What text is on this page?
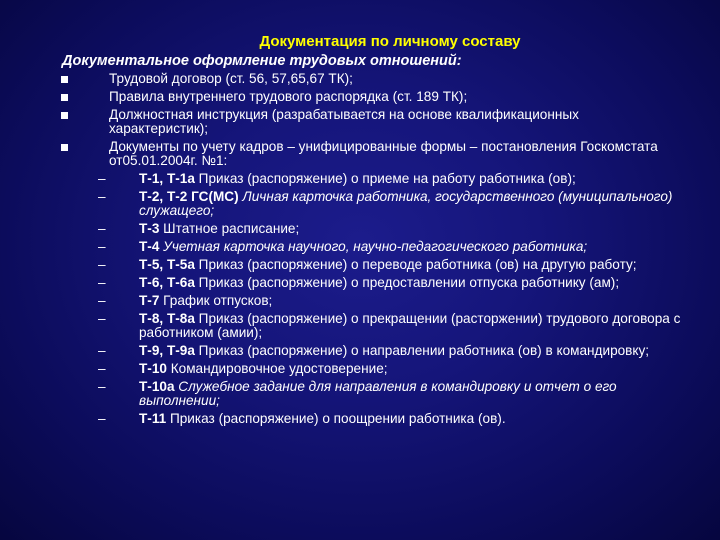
Документация по личному составу
Документальное оформление трудовых отношений:
Трудовой договор (ст. 56, 57,65,67 ТК);
Правила внутреннего трудового распорядка (ст. 189 ТК);
Должностная инструкция (разрабатывается на основе квалификационных характеристик);
Документы по учету кадров – унифицированные формы – постановления Госкомстата от05.01.2004г. №1:
– Т-1, Т-1а Приказ (распоряжение) о приеме на работу работника (ов);
– Т-2, Т-2 ГС(МС) Личная карточка работника, государственного (муниципального) служащего;
– Т-3 Штатное расписание;
– Т-4 Учетная карточка научного, научно-педагогического работника;
– Т-5, Т-5а Приказ (распоряжение) о переводе работника (ов) на другую работу;
– Т-6, Т-6а Приказ (распоряжение) о предоставлении отпуска работнику (ам);
– Т-7 График отпусков;
– Т-8, Т-8а Приказ (распоряжение) о прекращении (расторжении) трудового договора с работником (амии);
– Т-9, Т-9а Приказ (распоряжение) о направлении работника (ов) в командировку;
– Т-10 Командировочное удостоверение;
– Т-10а Служебное задание для направления в командировку и отчет о его выполнении;
– Т-11 Приказ (распоряжение) о поощрении работника (ов).
